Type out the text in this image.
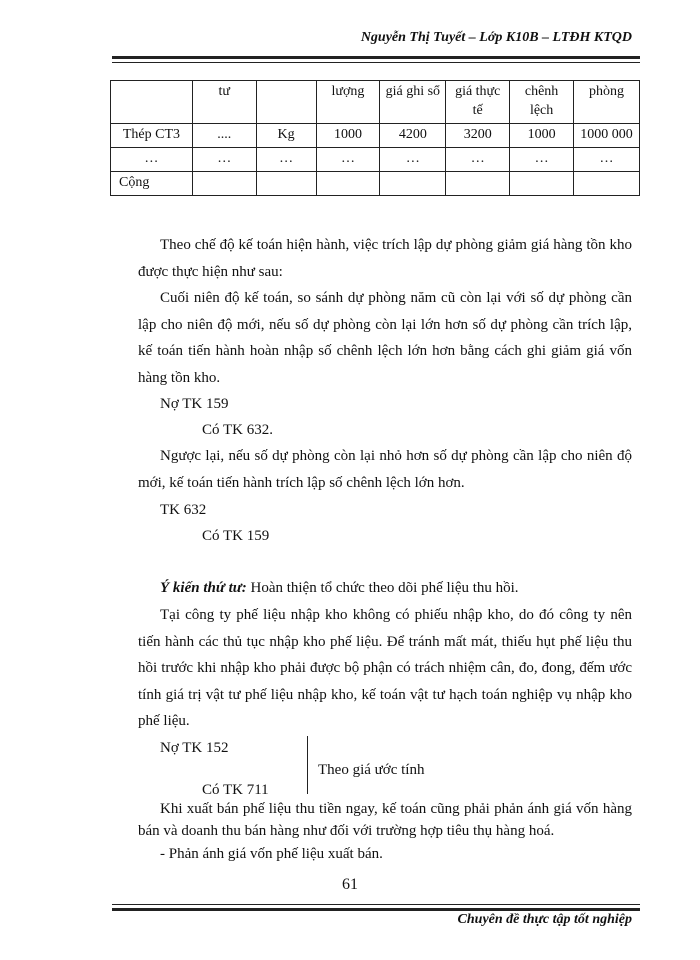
Nguyễn Thị Tuyết – Lớp K10B – LTĐH KTQD
	tư		lượng	giá ghi sổ	giá thực tế	chênh lệch	phòng
Thép CT3	....	Kg	1000	4200	3200	1000	1000 000
…	…	…	…	…	…	…	…
Cộng							
Theo chế độ kế toán hiện hành, việc trích lập dự phòng giảm giá hàng tồn kho được thực hiện như sau:
Cuối niên độ kế toán, so sánh dự phòng năm cũ còn lại với số dự phòng cần lập cho niên độ mới, nếu số dự phòng còn lại lớn hơn số dự phòng cần trích lập, kế toán tiến hành hoàn nhập số chênh lệch lớn hơn bằng cách ghi giảm giá vốn hàng tồn kho.
Nợ TK 159
Có TK 632.
Ngược lại, nếu số dự phòng còn lại nhỏ hơn số dự phòng cần lập cho niên độ mới, kế toán tiến hành trích lập số chênh lệch lớn hơn.
TK 632
Có TK 159
Ý kiến thứ tư: Hoàn thiện tổ chức theo dõi phế liệu thu hồi.
Tại công ty phế liệu nhập kho không có phiếu nhập kho, do đó công ty nên tiến hành các thủ tục nhập kho phế liệu. Để tránh mất mát, thiếu hụt phế liệu thu hồi trước khi nhập kho phải được bộ phận có trách nhiệm cân, đo, đong, đếm ước tính giá trị vật tư phế liệu nhập kho, kế toán vật tư hạch toán nghiệp vụ nhập kho phế liệu.
Nợ TK 152
Theo giá ước tính
Có TK 711
Khi xuất bán phế liệu thu tiền ngay, kế toán cũng phải phản ánh giá vốn hàng bán và doanh thu bán hàng như đối với trường hợp tiêu thụ hàng hoá.
- Phản ánh giá vốn phế liệu xuất bán.
61
Chuyên đề thực tập tốt nghiệp
